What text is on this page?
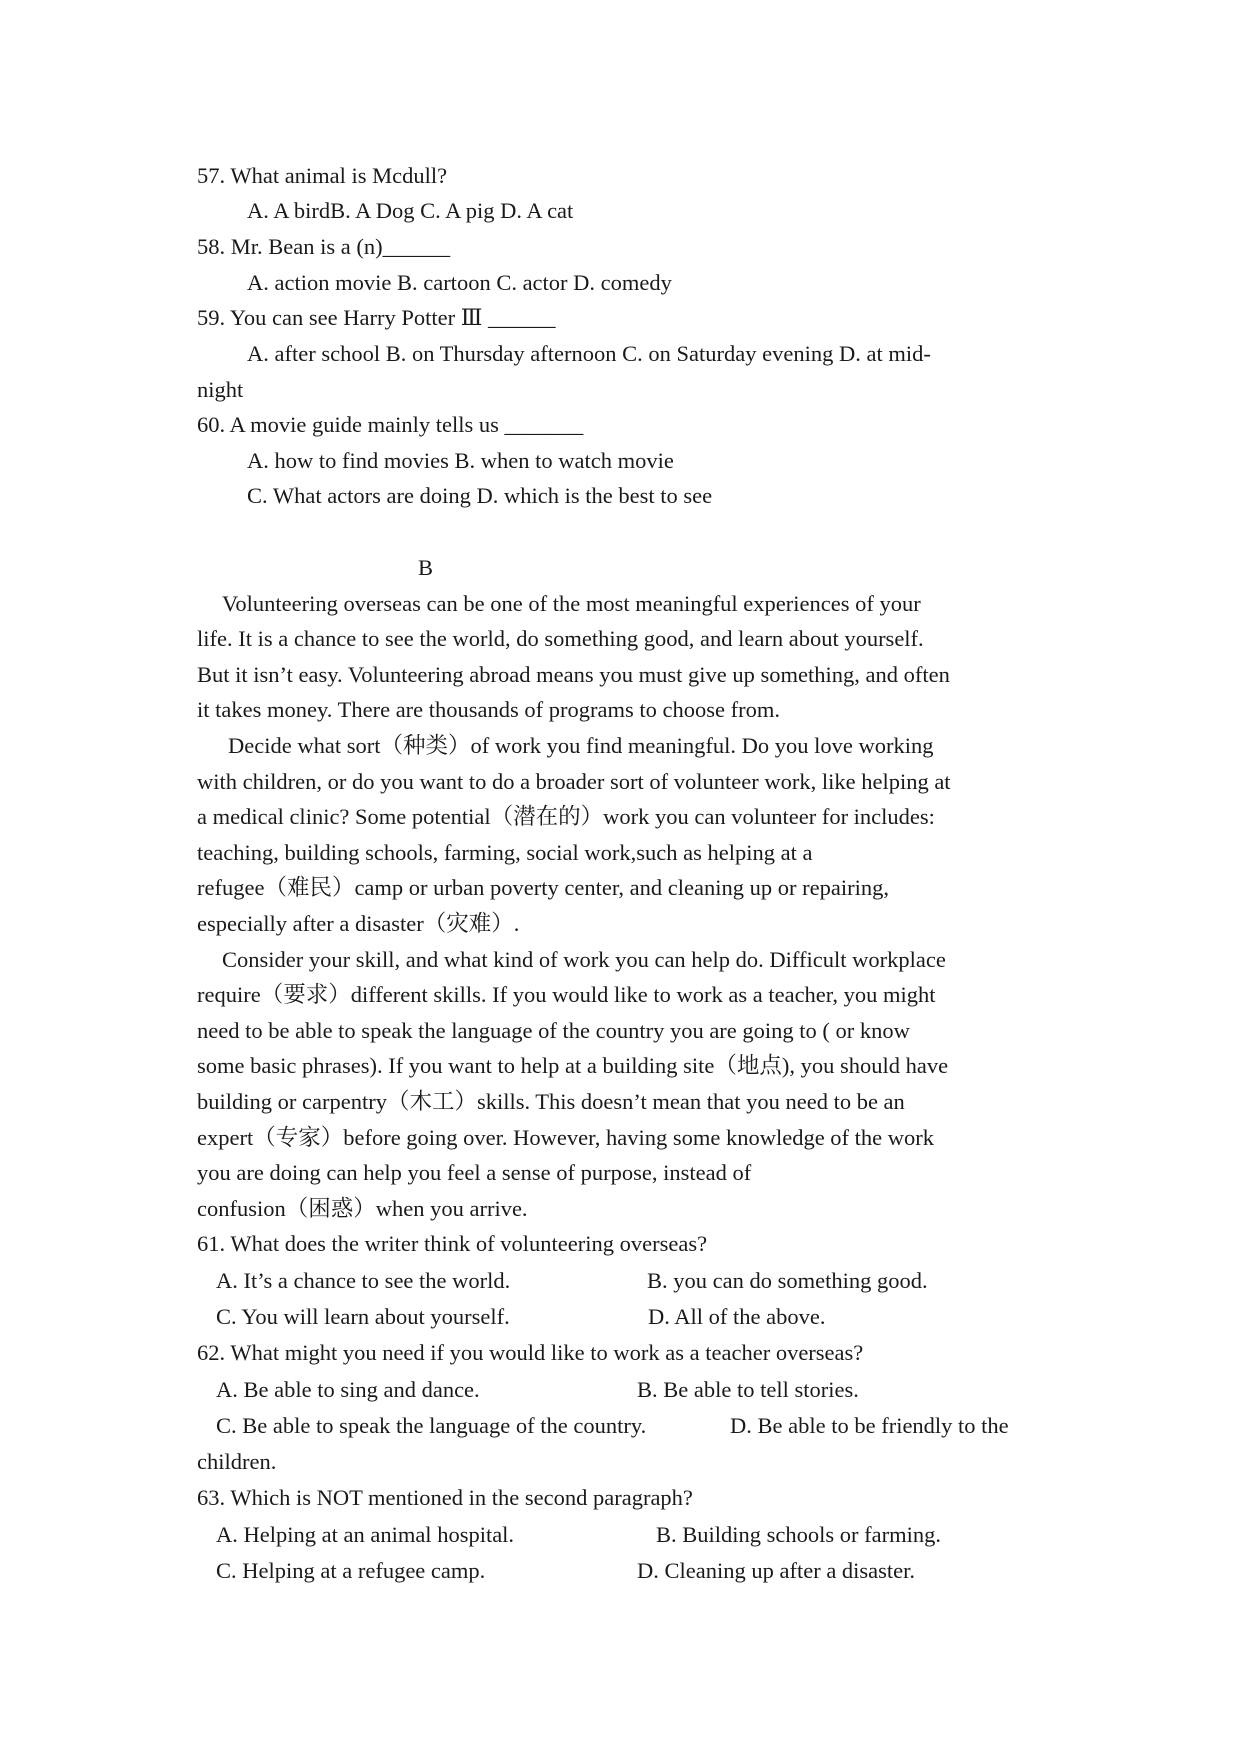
57. What animal is Mcdull?
A. A birdB. A Dog C. A pig D. A cat
58. Mr. Bean is a (n)______
A. action movie B. cartoon C. actor D. comedy
59. You can see Harry Potter Ⅲ ______
A. after school B. on Thursday afternoon C. on Saturday evening D. at mid-
night
60. A movie guide mainly tells us _______
A. how to find movies B. when to watch movie
C. What actors are doing D. which is the best to see
B
Volunteering overseas can be one of the most meaningful experiences of your
life. It is a chance to see the world, do something good, and learn about yourself.
But it isn’t easy. Volunteering abroad means you must give up something, and often
it takes money. There are thousands of programs to choose from.
Decide what sort（种类）of work you find meaningful. Do you love working
with children, or do you want to do a broader sort of volunteer work, like helping at
a medical clinic? Some potential（潜在的）work you can volunteer for includes:
teaching, building schools, farming, social work,such as helping at a
refugee（难民）camp or urban poverty center, and cleaning up or repairing,
especially after a disaster（灾难）.
Consider your skill, and what kind of work you can help do. Difficult workplace
require（要求）different skills. If you would like to work as a teacher, you might
need to be able to speak the language of the country you are going to ( or know
some basic phrases). If you want to help at a building site（地点), you should have
building or carpentry（木工）skills. This doesn’t mean that you need to be an
expert（专家）before going over. However, having some knowledge of the work
you are doing can help you feel a sense of purpose, instead of
confusion（困惑）when you arrive.
61. What does the writer think of volunteering overseas?
A. It’s a chance to see the world.	B. you can do something good.
C. You will learn about yourself.	D. All of the above.
62. What might you need if you would like to work as a teacher overseas?
A. Be able to sing and dance.	B. Be able to tell stories.
C. Be able to speak the language of the country.	D. Be able to be friendly to the
children.
63. Which is NOT mentioned in the second paragraph?
A. Helping at an animal hospital.	B. Building schools or farming.
C. Helping at a refugee camp.	D. Cleaning up after a disaster.
